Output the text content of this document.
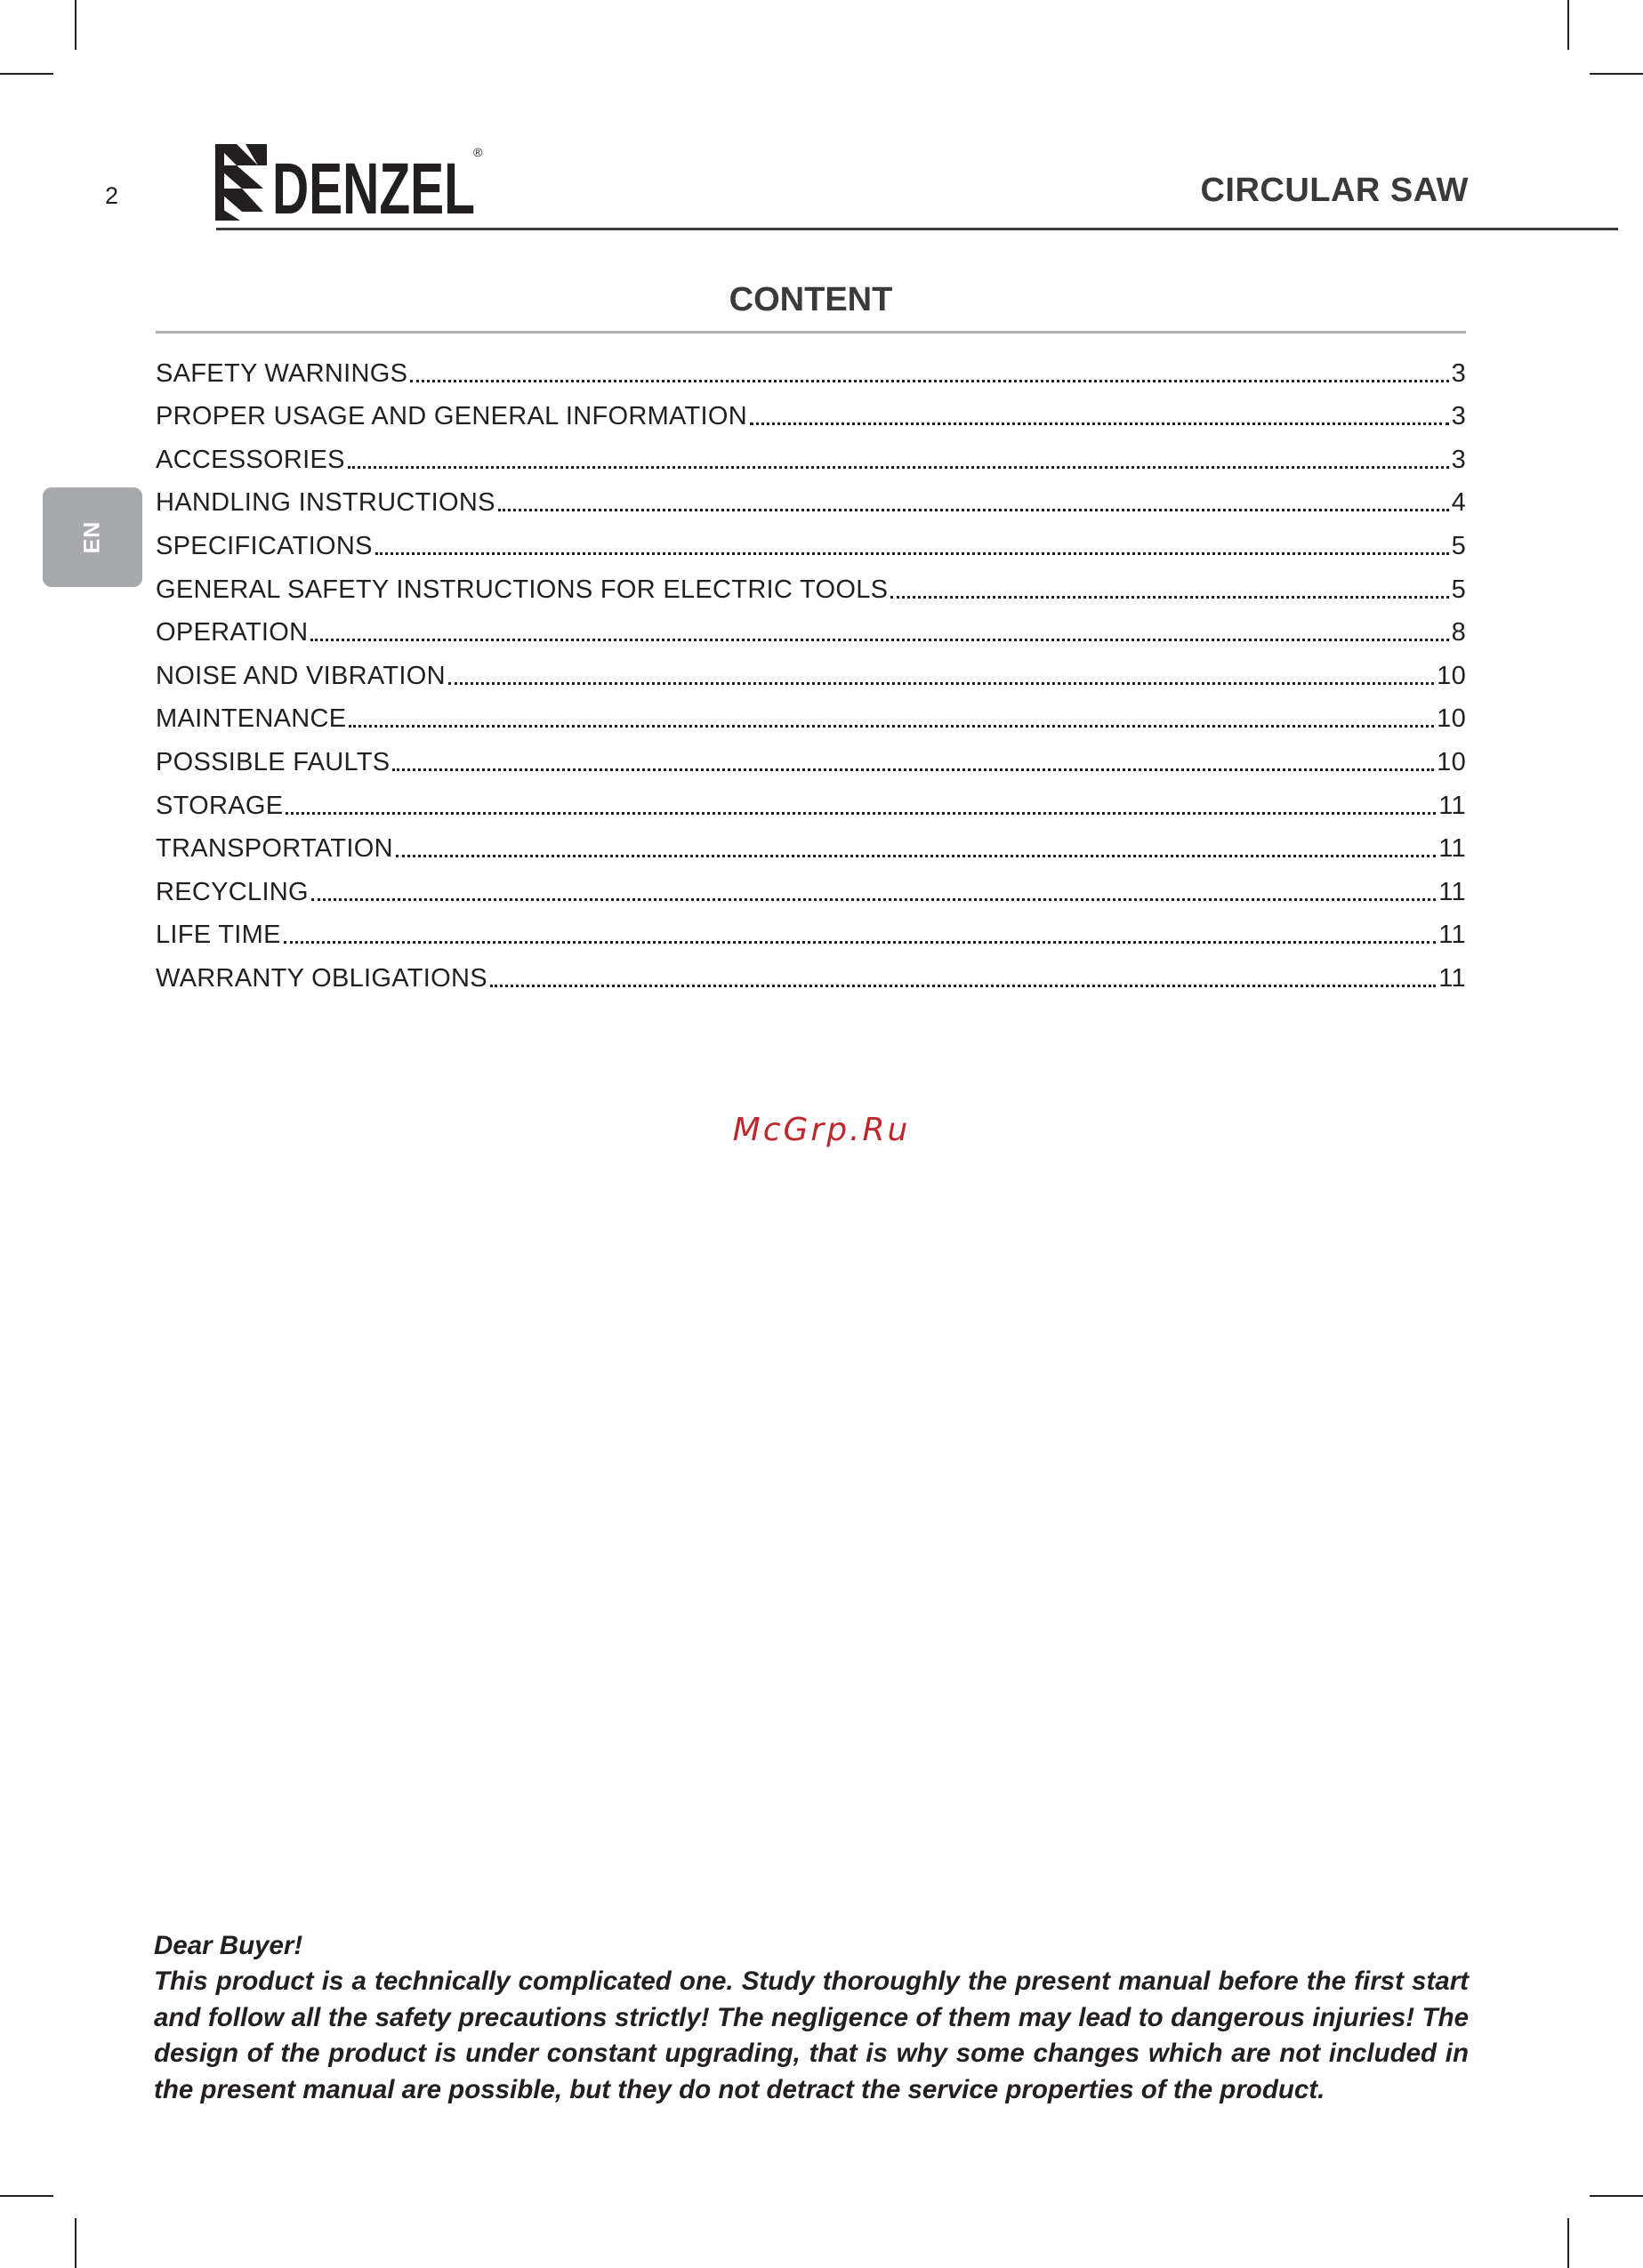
2 DENZEL
®
CIRCULAR SAW
EN
CONTENT
SAFETY WARNINGS	3
PROPER USAGE AND GENERAL INFORMATION	3
ACCESSORIES	3
HANDLING INSTRUCTIONS	4
SPECIFICATIONS	5
GENERAL SAFETY INSTRUCTIONS FOR ELECTRIC TOOLS	5
OPERATION	8
NOISE AND VIBRATION	10
MAINTENANCE	10
POSSIBLE FAULTS	10
STORAGE	11
TRANSPORTATION	11
RECYCLING	11
LIFE TIME	11
WARRANTY OBLIGATIONS	11
McGrp.Ru

Dear Buyer!

This product is a technically complicated one. Study thoroughly the present manual before the first start and follow all the safety precautions strictly! The negligence of them may lead to dangerous injuries! The design of the product is under constant upgrading, that is why some changes which are not included in the present manual are possible, but they do not detract the service properties of the product.
